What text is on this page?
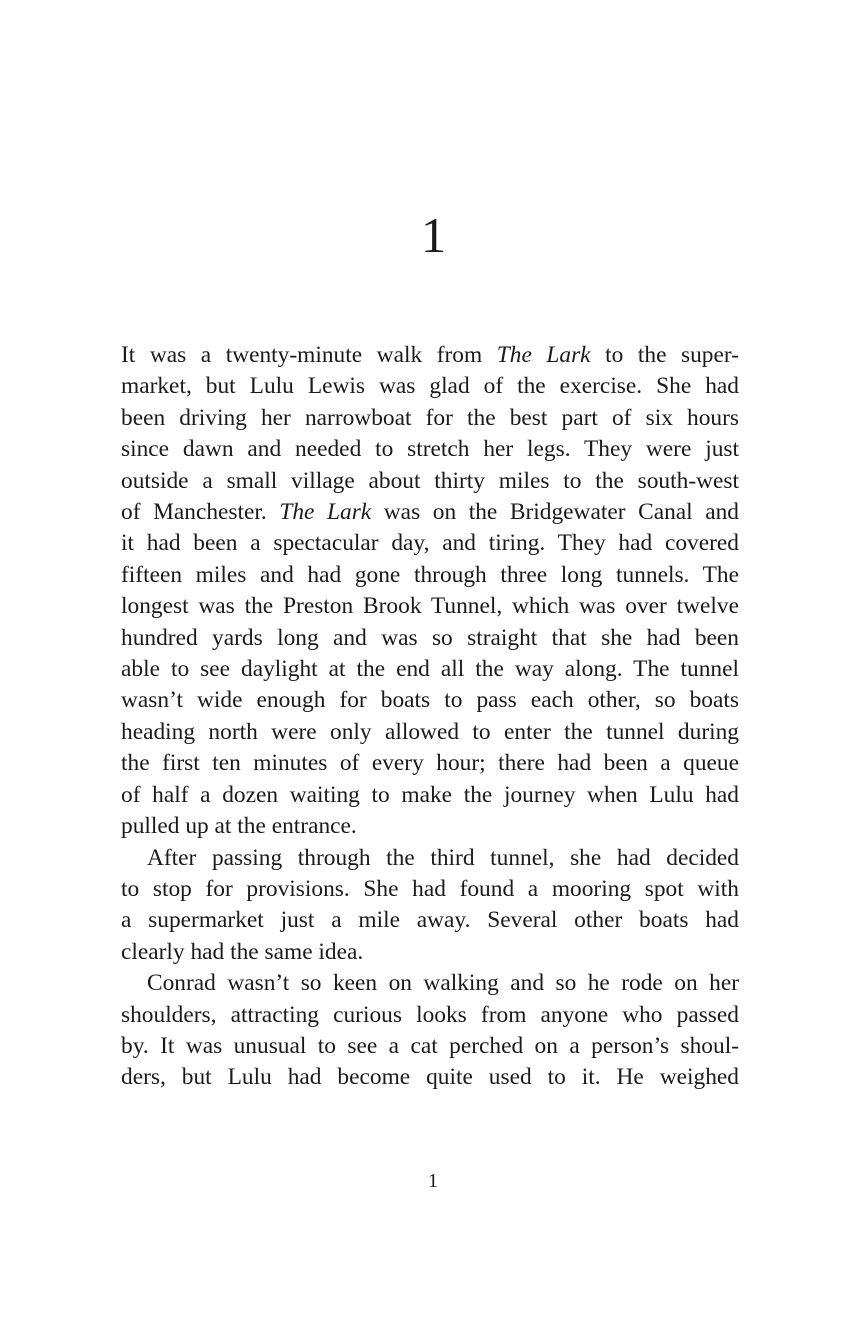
1

It was a twenty-minute walk from The Lark to the super-
market, but Lulu Lewis was glad of the exercise. She had
been driving her narrowboat for the best part of six hours
since dawn and needed to stretch her legs. They were just
outside a small village about thirty miles to the south-west
of Manchester. The Lark was on the Bridgewater Canal and
it had been a spectacular day, and tiring. They had covered
fifteen miles and had gone through three long tunnels. The
longest was the Preston Brook Tunnel, which was over twelve
hundred yards long and was so straight that she had been
able to see daylight at the end all the way along. The tunnel
wasn’t wide enough for boats to pass each other, so boats
heading north were only allowed to enter the tunnel during
the first ten minutes of every hour; there had been a queue
of half a dozen waiting to make the journey when Lulu had
pulled up at the entrance.

After passing through the third tunnel, she had decided
to stop for provisions. She had found a mooring spot with
a supermarket just a mile away. Several other boats had
clearly had the same idea.

Conrad wasn’t so keen on walking and so he rode on her
shoulders, attracting curious looks from anyone who passed
by. It was unusual to see a cat perched on a person’s shoul-
ders, but Lulu had become quite used to it. He weighed

1
